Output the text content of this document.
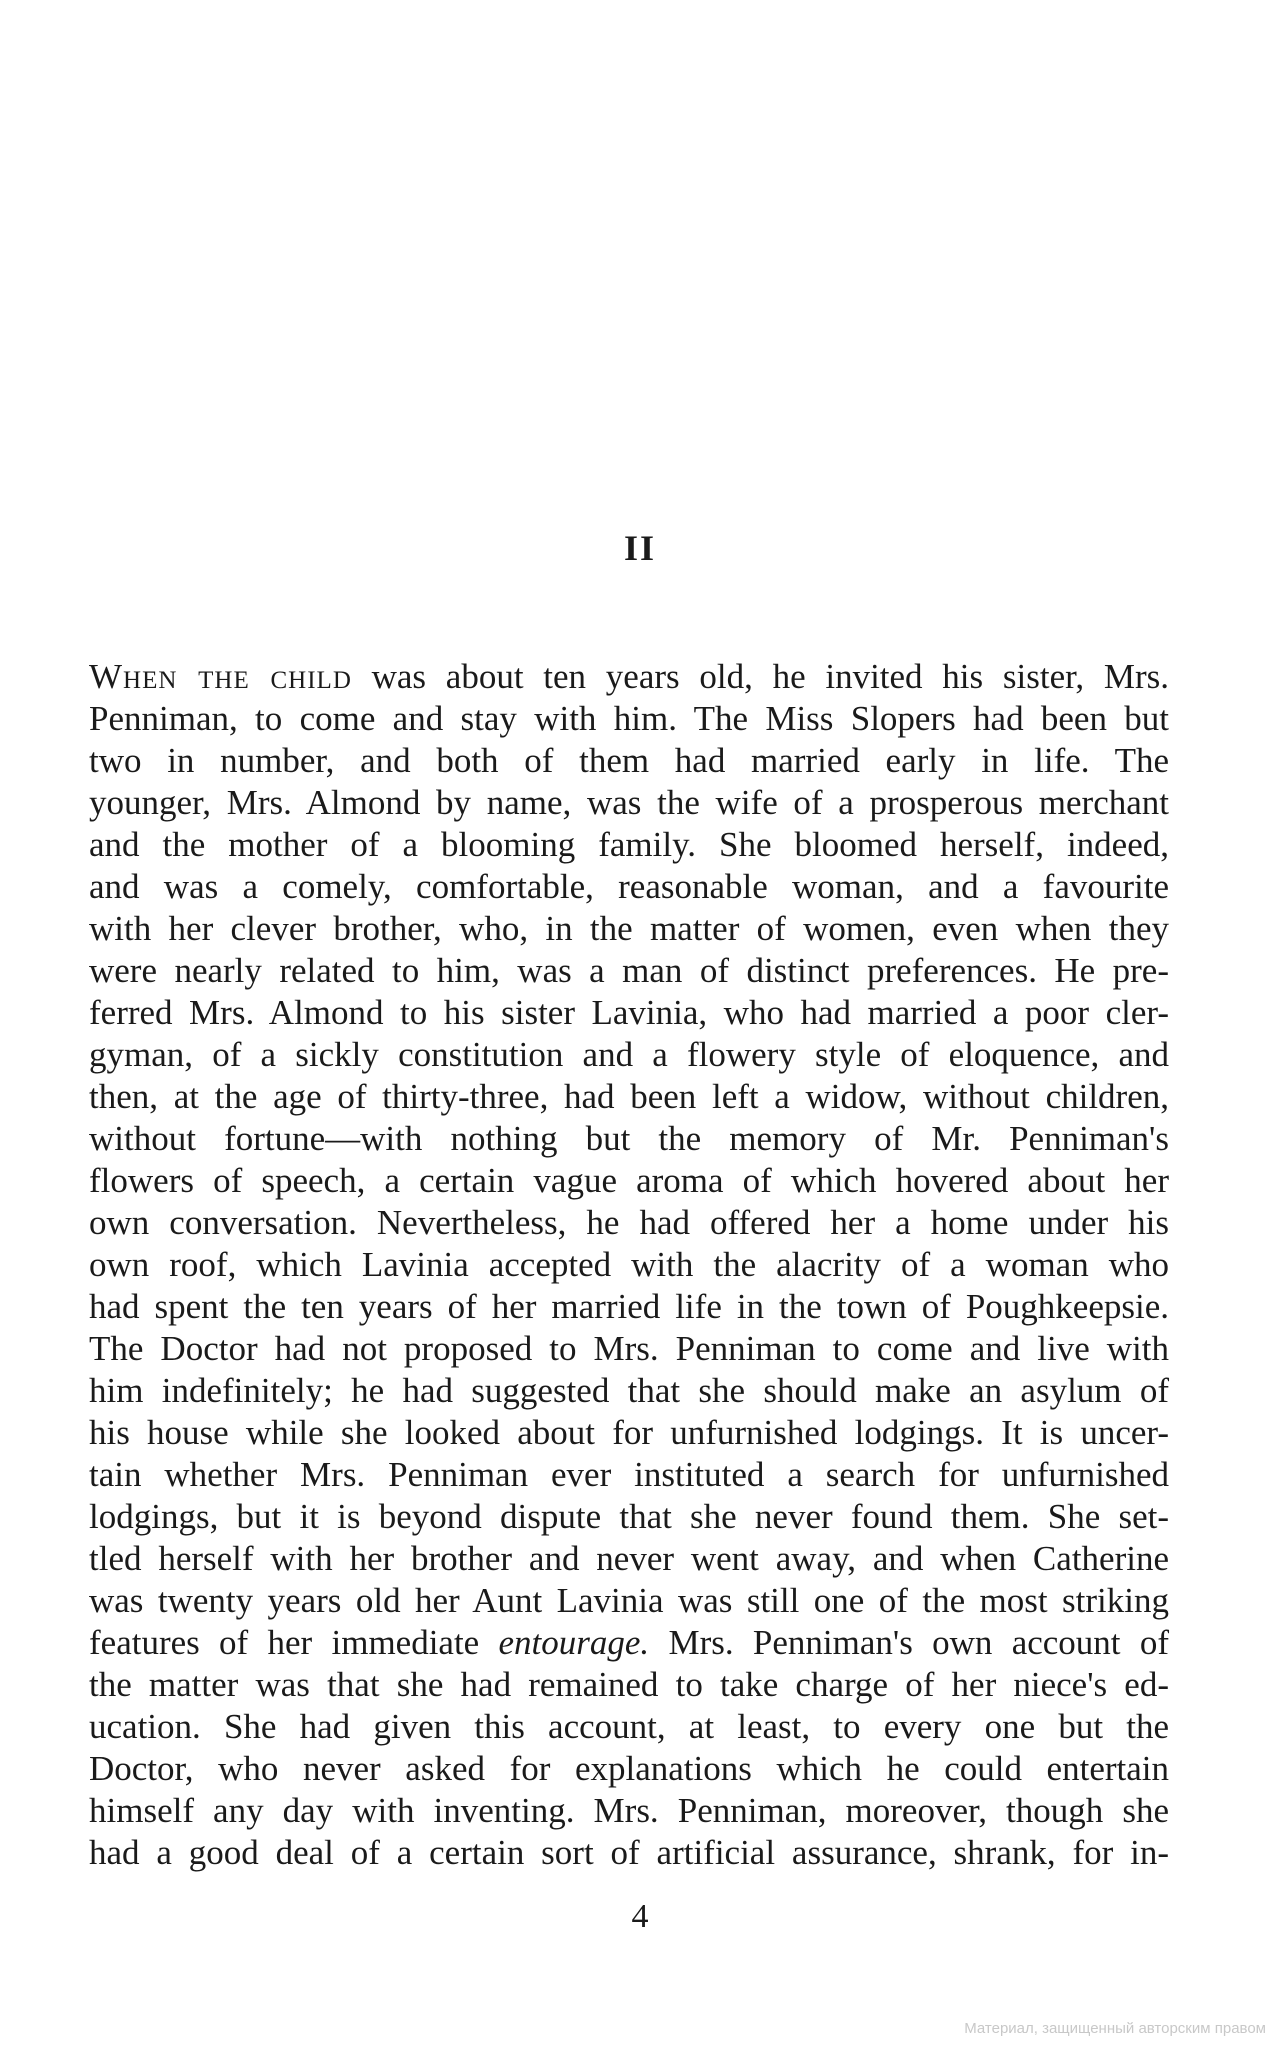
II
When the child was about ten years old, he invited his sister, Mrs.
Penniman, to come and stay with him. The Miss Slopers had been but
two in number, and both of them had married early in life. The
younger, Mrs. Almond by name, was the wife of a prosperous merchant
and the mother of a blooming family. She bloomed herself, indeed,
and was a comely, comfortable, reasonable woman, and a favourite
with her clever brother, who, in the matter of women, even when they
were nearly related to him, was a man of distinct preferences. He pre-
ferred Mrs. Almond to his sister Lavinia, who had married a poor cler-
gyman, of a sickly constitution and a flowery style of eloquence, and
then, at the age of thirty-three, had been left a widow, without children,
without fortune—with nothing but the memory of Mr. Penniman's
flowers of speech, a certain vague aroma of which hovered about her
own conversation. Nevertheless, he had offered her a home under his
own roof, which Lavinia accepted with the alacrity of a woman who
had spent the ten years of her married life in the town of Poughkeepsie.
The Doctor had not proposed to Mrs. Penniman to come and live with
him indefinitely; he had suggested that she should make an asylum of
his house while she looked about for unfurnished lodgings. It is uncer-
tain whether Mrs. Penniman ever instituted a search for unfurnished
lodgings, but it is beyond dispute that she never found them. She set-
tled herself with her brother and never went away, and when Catherine
was twenty years old her Aunt Lavinia was still one of the most striking
features of her immediate entourage. Mrs. Penniman's own account of
the matter was that she had remained to take charge of her niece's ed-
ucation. She had given this account, at least, to every one but the
Doctor, who never asked for explanations which he could entertain
himself any day with inventing. Mrs. Penniman, moreover, though she
had a good deal of a certain sort of artificial assurance, shrank, for in-
4
Материал, защищенный авторским правом
